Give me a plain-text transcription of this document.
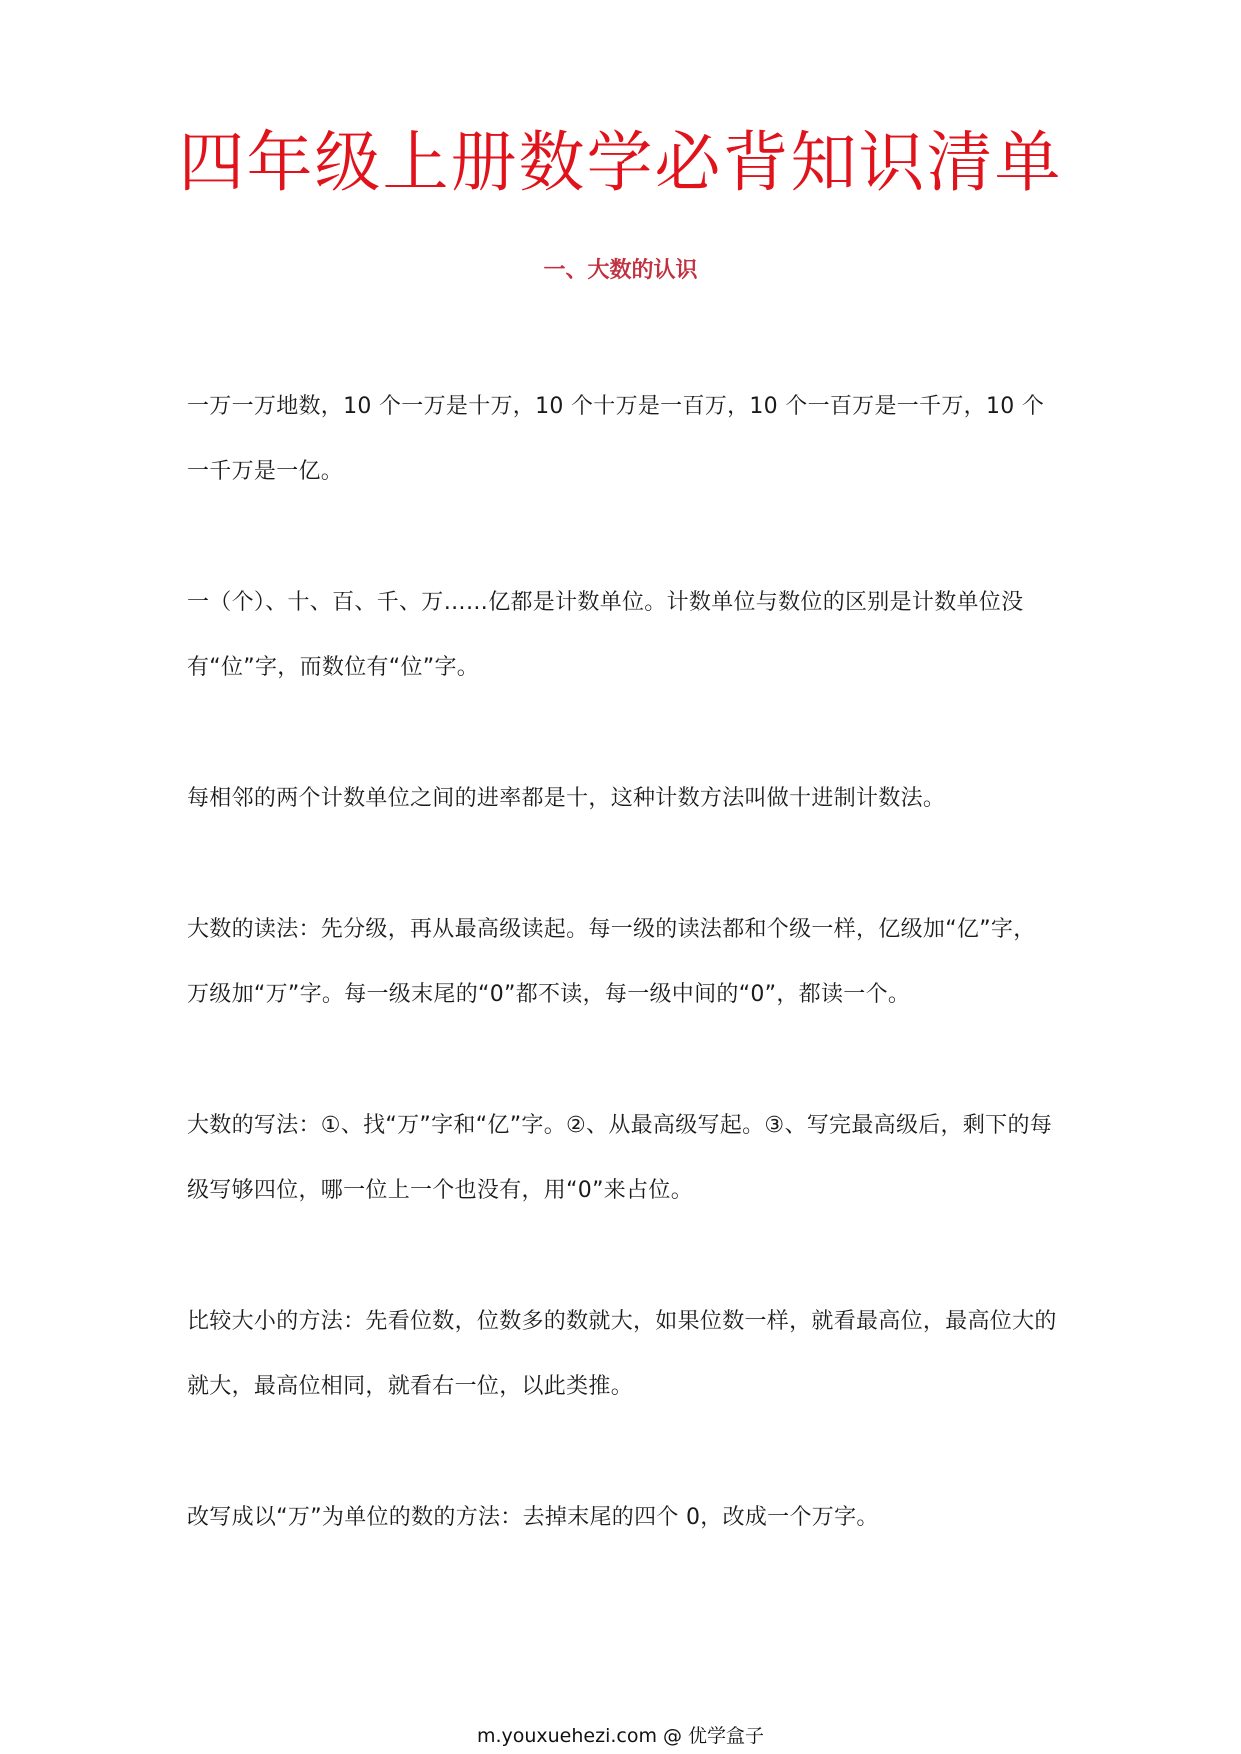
四年级上册数学必背知识清单
一、大数的认识

一万一万地数，10 个一万是十万，10 个十万是一百万，10 个一百万是一千万，10 个一千万是一亿。

一（个）、十、百、千、万……亿都是计数单位。计数单位与数位的区别是计数单位没有“位”字，而数位有“位”字。

每相邻的两个计数单位之间的进率都是十，这种计数方法叫做十进制计数法。

大数的读法：先分级，再从最高级读起。每一级的读法都和个级一样，亿级加“亿”字，万级加“万”字。每一级末尾的“0”都不读，每一级中间的“0”，都读一个。

大数的写法：①、找“万”字和“亿”字。②、从最高级写起。③、写完最高级后，剩下的每级写够四位，哪一位上一个也没有，用“0”来占位。

比较大小的方法：先看位数，位数多的数就大，如果位数一样，就看最高位，最高位大的就大，最高位相同，就看右一位，以此类推。

改写成以“万”为单位的数的方法：去掉末尾的四个 0，改成一个万字。

m.youxuehezi.com @ 优学盒子
